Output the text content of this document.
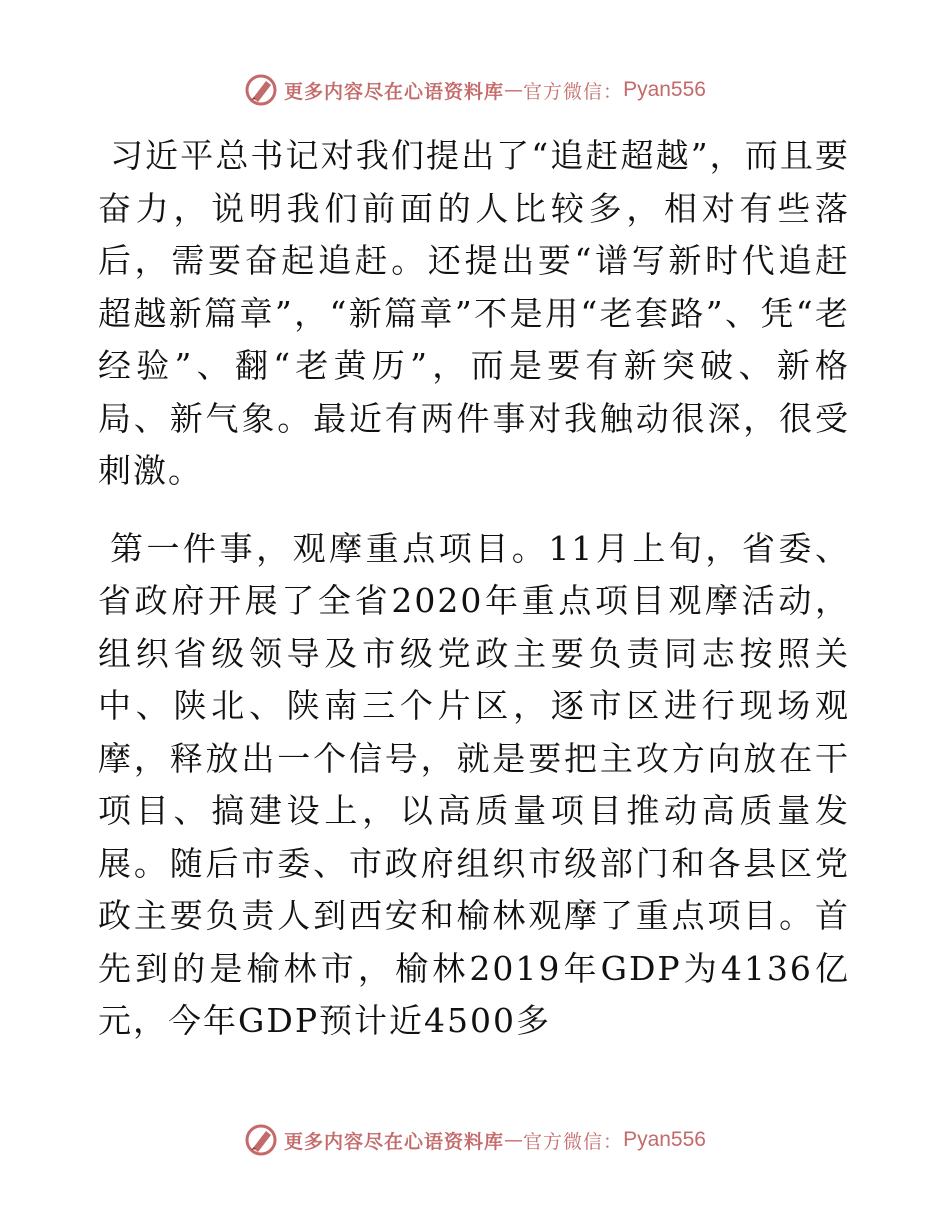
更多内容尽在心语资料库 — 官方微信： Pyan556

习近平总书记对我们提出了“追赶超越”，而且要奋力，说明我们前面的人比较多，相对有些落后，需要奋起追赶。还提出要“谱写新时代追赶超越新篇章”，“新篇章”不是用“老套路”、凭“老经验”、翻“老黄历”，而是要有新突破、新格局、新气象。最近有两件事对我触动很深，很受刺激。

第一件事，观摩重点项目。11月上旬，省委、省政府开展了全省2020年重点项目观摩活动，组织省级领导及市级党政主要负责同志按照关中、陕北、陕南三个片区，逐市区进行现场观摩，释放出一个信号，就是要把主攻方向放在干项目、搞建设上，以高质量项目推动高质量发展。随后市委、市政府组织市级部门和各县区党政主要负责人到西安和榆林观摩了重点项目。首先到的是榆林市，榆林2019年GDP为4136亿元，今年GDP预计近4500多

更多内容尽在心语资料库 — 官方微信： Pyan556
